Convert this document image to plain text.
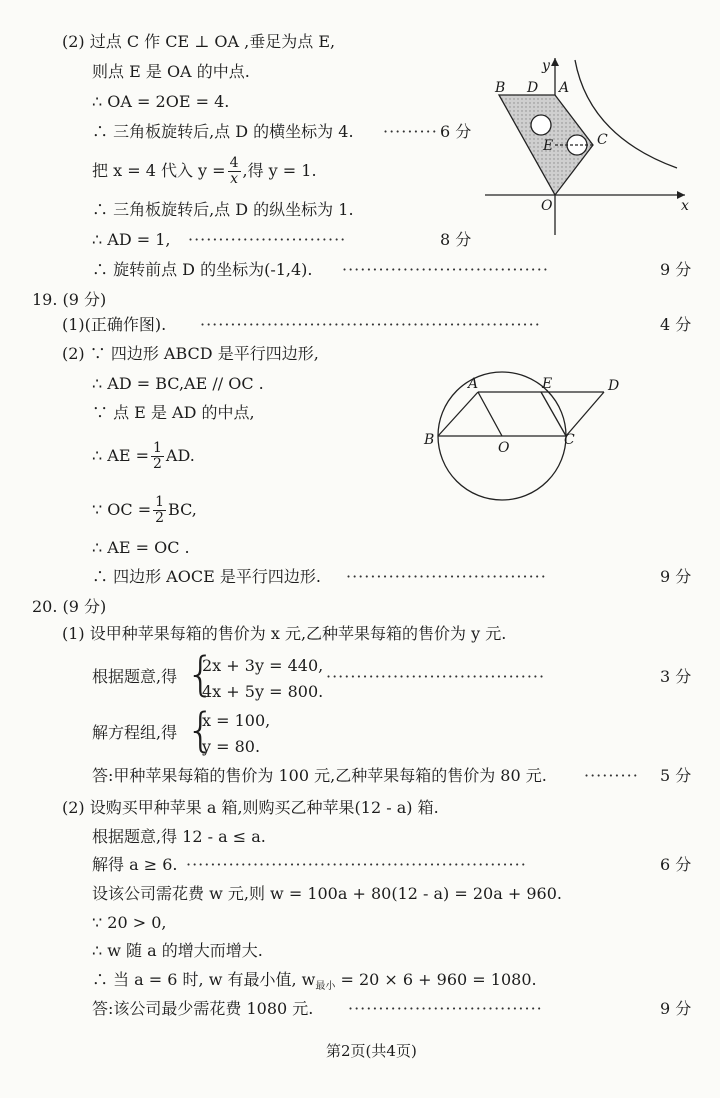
(2) 过点 C 作 CE ⊥ OA ,垂足为点 E,
则点 E 是 OA 的中点.
∴ OA = 2OE = 4.
∴ 三角板旋转后,点 D 的横坐标为 4. ········· 6 分
把 x = 4 代入 $y = \frac{4}{x}$ ,得 y = 1.
∴ 三角板旋转后,点 D 的纵坐标为 1.
∴ AD = 1, ··························	8 分
∴ 旋转前点 D 的坐标为(-1,4). ··································	9 分
B D A
E	C
O	x
y
19. (9 分)
(1)(正确作图). ························································	4 分
(2) ∵ 四边形 ABCD 是平行四边形,
∴ AD = BC,AE // OC .
∵ 点 E 是 AD 的中点,
∴ AE = $\frac{1}{2}$ AD.
∵ OC = $\frac{1}{2}$ BC,
∴ AE = OC .
∴ 四边形 AOCE 是平行四边形. ·································	9 分
A	E	D
B	O	C
20. (9 分)
(1) 设甲种苹果每箱的售价为 x 元,乙种苹果每箱的售价为 y 元.
根据题意,得 {
2x + 3y = 440,
4x + 5y = 800.
····································	3 分
解方程组,得 {
x = 100,
y = 80.
答:甲种苹果每箱的售价为 100 元,乙种苹果每箱的售价为 80 元. ········· 5 分
(2) 设购买甲种苹果 a 箱,则购买乙种苹果(12 - a) 箱.
根据题意,得 12 - a ≤ a.
解得 a ≥ 6. ························································	6 分
设该公司需花费 w 元,则 w = 100a + 80(12 - a) = 20a + 960.
∵ 20 > 0,
∴ w 随 a 的增大而增大.
∴ 当 a = 6 时, w 有最小值, $w_{最小} = 20 \times 6 + 960 = 1080$.
答:该公司最少需花费 1080 元. ································	9 分
第2页(共4页)
